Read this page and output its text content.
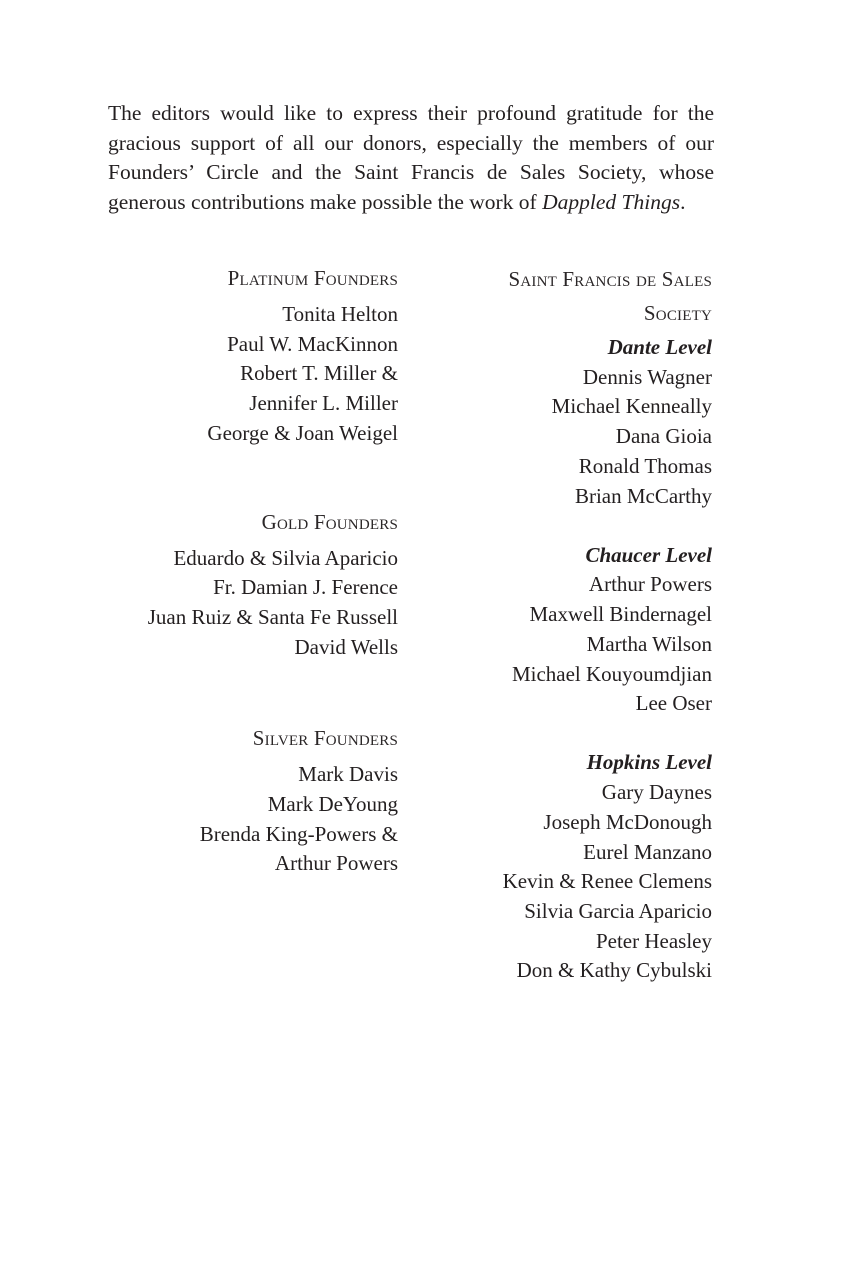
The editors would like to express their profound gratitude for the gracious support of all our donors, especially the members of our Founders’ Circle and the Saint Francis de Sales Society, whose generous contributions make possible the work of Dappled Things.

Platinum Founders
Tonita Helton
Paul W. MacKinnon
Robert T. Miller &
Jennifer L. Miller
George & Joan Weigel
Gold Founders
Eduardo & Silvia Aparicio
Fr. Damian J. Ference
Juan Ruiz & Santa Fe Russell
David Wells
Silver Founders
Mark Davis
Mark DeYoung
Brenda King-Powers &
Arthur Powers
Saint Francis de Sales
Society
Dante Level
Dennis Wagner
Michael Kenneally
Dana Gioia
Ronald Thomas
Brian McCarthy
Chaucer Level
Arthur Powers
Maxwell Bindernagel
Martha Wilson
Michael Kouyoumdjian
Lee Oser
Hopkins Level
Gary Daynes
Joseph McDonough
Eurel Manzano
Kevin & Renee Clemens
Silvia Garcia Aparicio
Peter Heasley
Don & Kathy Cybulski
